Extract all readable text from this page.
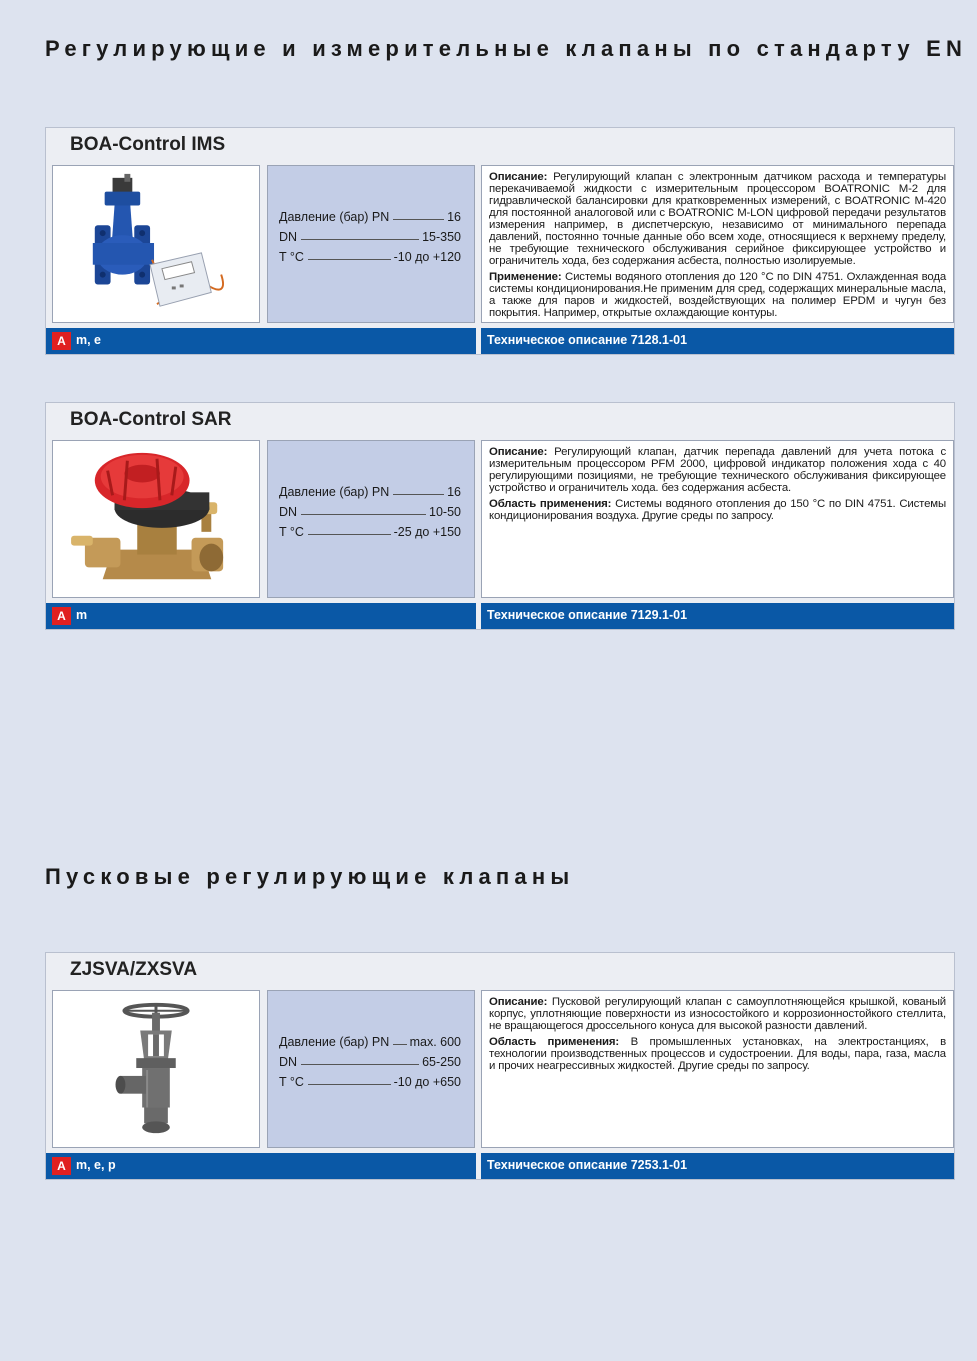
Регулирующие и измерительные клапаны по стандарту EN
BOA-Control IMS
Давление (бар) PN	16
DN	15-350
T °C	-10 до +120

Описание: Регулирующий клапан с электронным датчиком расхода и температуры перекачиваемой жидкости с измерительным процессором BOATRONIC M-2 для гидравлической балансировки для кратковременных измерений, с BOATRONIC M-420 для постоянной аналоговой или с BOATRONIC M-LON цифровой передачи результатов измерения например, в диспетчерскую, независимо от минимального перепада давлений, постоянно точные данные обо всем ходе, относящиеся к верхнему пределу, не требующие технического обслуживания серийное фиксирующее устройство и ограничитель хода, без содержания асбеста, полностью изолируемые.

Применение: Системы водяного отопления до 120 °C по DIN 4751. Охлажденная вода системы кондиционирования.Не применим для сред, содержащих минеральные масла, а также для паров и жидкостей, воздействующих на полимер EPDM и чугун без покрытия. Например, открытые охлаждающие контуры.

A m, e	Техническое описание 7128.1-01
BOA-Control SAR
Давление (бар) PN	16
DN	10-50
T °C	-25 до +150

Описание: Регулирующий клапан, датчик перепада давлений для учета потока с измерительным процессором PFM 2000, цифровой индикатор положения хода с 40 регулирующими позициями, не требующие технического обслуживания фиксирующее устройство и ограничитель хода. без содержания асбеста.

Область применения: Системы водяного отопления до 150 °C по DIN 4751. Системы кондиционирования воздуха. Другие среды по запросу.

A m	Техническое описание 7129.1-01
Пусковые регулирующие клапаны
ZJSVA/ZXSVA
Давление (бар) PN max. 600
DN	65-250
T °C	-10 до +650

Описание: Пусковой регулирующий клапан с самоуплотняющейся крышкой, кованый корпус, уплотняющие поверхности из износостойкого и коррозионностойкого стеллита, не вращающегося дроссельного конуса для высокой разности давлений.

Область применения: В промышленных установках, на электростанциях, в технологии производственных процессов и судостроении. Для воды, пара, газа, масла и прочих неагрессивных жидкостей. Другие среды по запросу.

A m, e, p	Техническое описание 7253.1-01
